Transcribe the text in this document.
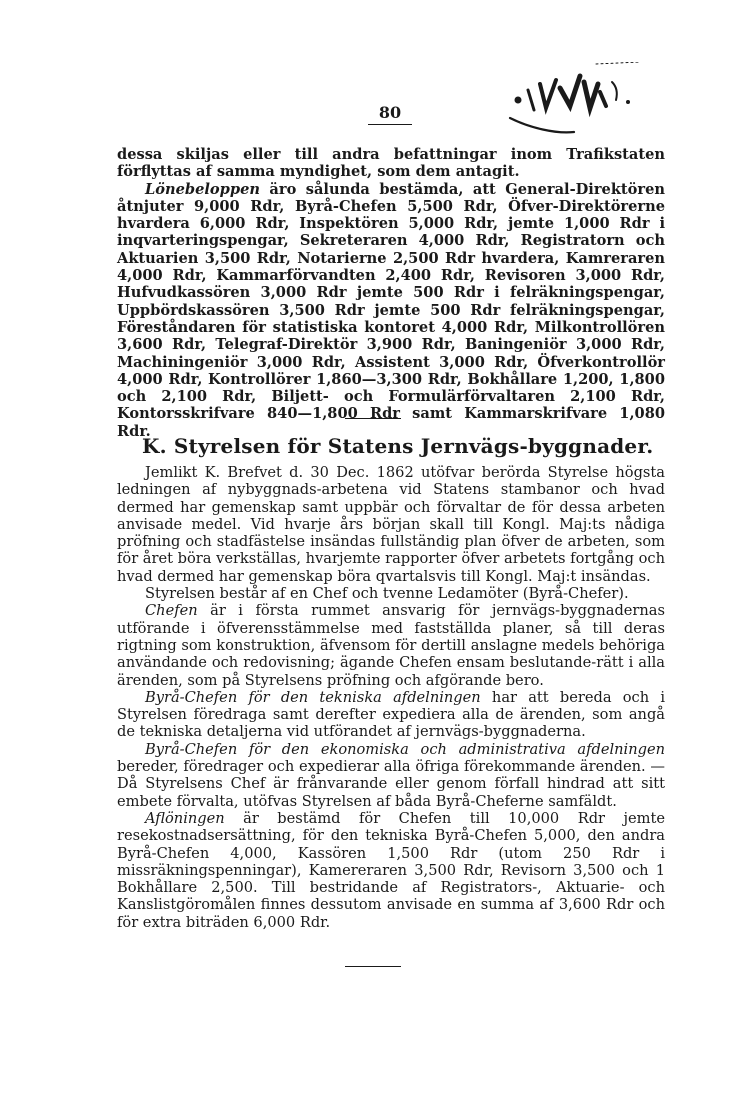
80

dessa skiljas eller till andra befattningar inom Trafikstaten förflyttas af samma myndighet, som dem antagit.

Lönebeloppen äro sålunda bestämda, att General-Direktören åtnjuter 9,000 Rdr, Byrå-Chefen 5,500 Rdr, Öfver-Direktörerne hvardera 6,000 Rdr, Inspektören 5,000 Rdr, jemte 1,000 Rdr i inqvarteringspengar, Sekreteraren 4,000 Rdr, Registratorn och Aktuarien 3,500 Rdr, Notarierne 2,500 Rdr hvardera, Kamreraren 4,000 Rdr, Kammarförvandten 2,400 Rdr, Revisoren 3,000 Rdr, Hufvudkassören 3,000 Rdr jemte 500 Rdr i felräkningspengar, Uppbördskassören 3,500 Rdr jemte 500 Rdr felräkningspengar, Föreståndaren för statistiska kontoret 4,000 Rdr, Milkontrollören 3,600 Rdr, Telegraf-Direktör 3,900 Rdr, Baningeniör 3,000 Rdr, Machiningeniör 3,000 Rdr, Assistent 3,000 Rdr, Öfverkontrollör 4,000 Rdr, Kontrollörer 1,860—3,300 Rdr, Bokhållare 1,200, 1,800 och 2,100 Rdr, Biljett- och Formulärförvaltaren 2,100 Rdr, Kontorsskrifvare 840—1,800 Rdr samt Kammarskrifvare 1,080 Rdr.

K. Styrelsen för Statens Jernvägs-byggnader.

Jemlikt K. Brefvet d. 30 Dec. 1862 utöfvar berörda Styrelse högsta ledningen af nybyggnads-arbetena vid Statens stambanor och hvad dermed har gemenskap samt uppbär och förvaltar de för dessa arbeten anvisade medel. Vid hvarje års början skall till Kongl. Maj:ts nådiga pröfning och stadfästelse insändas fullständig plan öfver de arbeten, som för året böra verkställas, hvarjemte rapporter öfver arbetets fortgång och hvad dermed har gemenskap böra qvartalsvis till Kongl. Maj:t insändas.

Styrelsen består af en Chef och tvenne Ledamöter (Byrå-Chefer).

Chefen är i första rummet ansvarig för jernvägs-byggnadernas utförande i öfverensstämmelse med fastställda planer, så till deras rigtning som konstruktion, äfvensom för dertill anslagne medels behöriga användande och redovisning; ägande Chefen ensam beslutande-rätt i alla ärenden, som på Styrelsens pröfning och afgörande bero.

Byrå-Chefen för den tekniska afdelningen har att bereda och i Styrelsen föredraga samt derefter expediera alla de ärenden, som angå de tekniska detaljerna vid utförandet af jernvägs-byggnaderna.

Byrå-Chefen för den ekonomiska och administrativa afdelningen bereder, föredrager och expedierar alla öfriga förekommande ärenden. — Då Styrelsens Chef är frånvarande eller genom förfall hindrad att sitt embete förvalta, utöfvas Styrelsen af båda Byrå-Cheferne samfäldt.

Aflöningen är bestämd för Chefen till 10,000 Rdr jemte resekostnadsersättning, för den tekniska Byrå-Chefen 5,000, den andra Byrå-Chefen 4,000, Kassören 1,500 Rdr (utom 250 Rdr i missräkningspenningar), Kamereraren 3,500 Rdr, Revisorn 3,500 och 1 Bokhållare 2,500. Till bestridande af Registrators-, Aktuarie- och Kanslistgöromålen finnes dessutom anvisade en summa af 3,600 Rdr och för extra biträden 6,000 Rdr.
